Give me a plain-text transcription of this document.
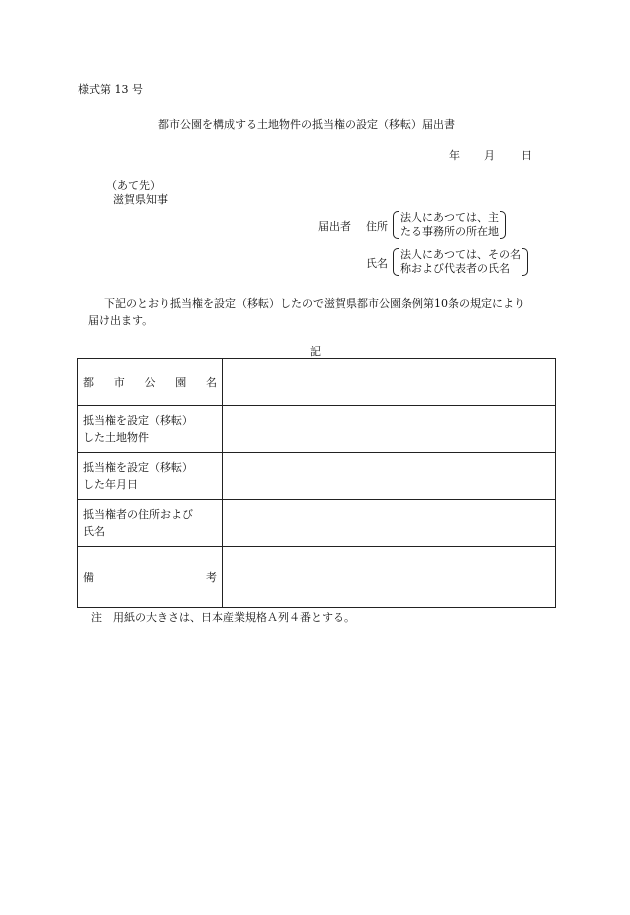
様式第 13 号
都市公園を構成する土地物件の抵当権の設定（移転）届出書
年 月 日
（あて先）
滋賀県知事
届出者 住所
法人にあつては、主
たる事務所の所在地
氏名
法人にあつては、その名
称および代表者の氏名
下記のとおり抵当権を設定（移転）したので滋賀県都市公園条例第10条の規定により
届け出ます。
記
都 市 公 園 名	

抵当権を設定（移転）
した土地物件	

抵当権を設定（移転）
した年月日	

抵当権者の住所および
氏名	

備 考	

注　用紙の大きさは、日本産業規格Ａ列４番とする。
